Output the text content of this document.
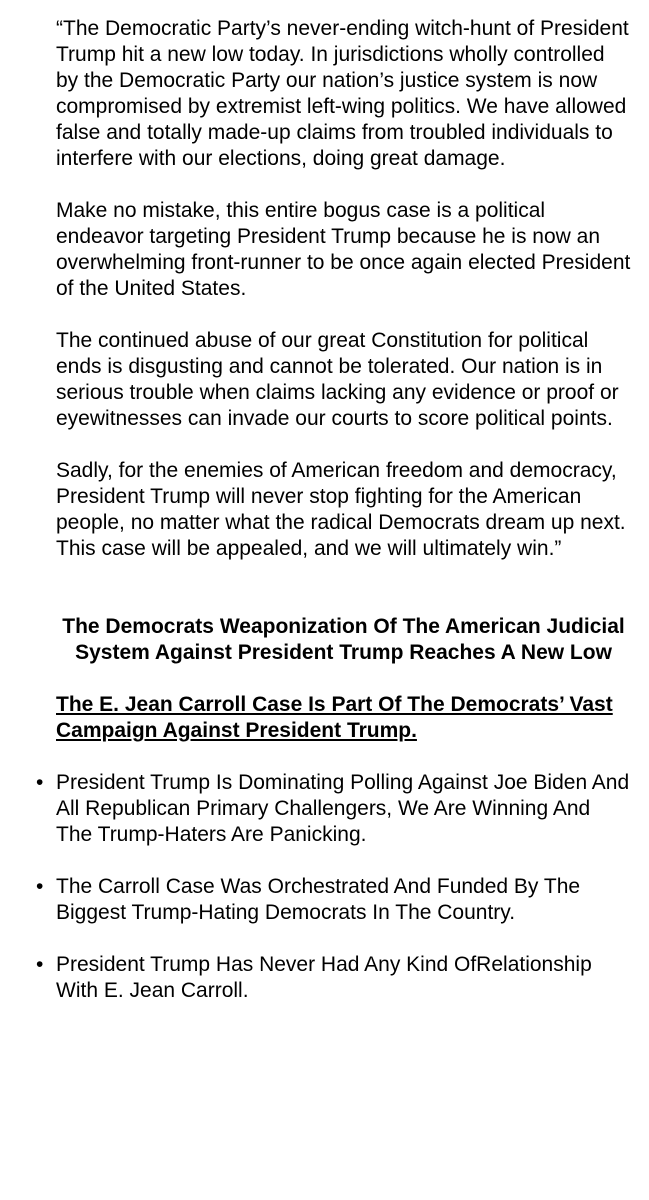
“The Democratic Party’s never-ending witch-hunt of President Trump hit a new low today. In jurisdictions wholly controlled by the Democratic Party our nation’s justice system is now compromised by extremist left-wing politics. We have allowed false and totally made-up claims from troubled individuals to interfere with our elections, doing great damage.

Make no mistake, this entire bogus case is a political endeavor targeting President Trump because he is now an overwhelming front-runner to be once again elected President of the United States.

The continued abuse of our great Constitution for political ends is disgusting and cannot be tolerated. Our nation is in serious trouble when claims lacking any evidence or proof or eyewitnesses can invade our courts to score political points.

Sadly, for the enemies of American freedom and democracy, President Trump will never stop fighting for the American people, no matter what the radical Democrats dream up next. This case will be appealed, and we will ultimately win.”

The Democrats Weaponization Of The American Judicial System Against President Trump Reaches A New Low
The E. Jean Carroll Case Is Part Of The Democrats’ Vast Campaign Against President Trump.
• President Trump Is Dominating Polling Against Joe Biden And All Republican Primary Challengers, We Are Winning And The Trump-Haters Are Panicking.
• The Carroll Case Was Orchestrated And Funded By The Biggest Trump-Hating Democrats In The Country.
• President Trump Has Never Had Any Kind OfRelationship With E. Jean Carroll.
